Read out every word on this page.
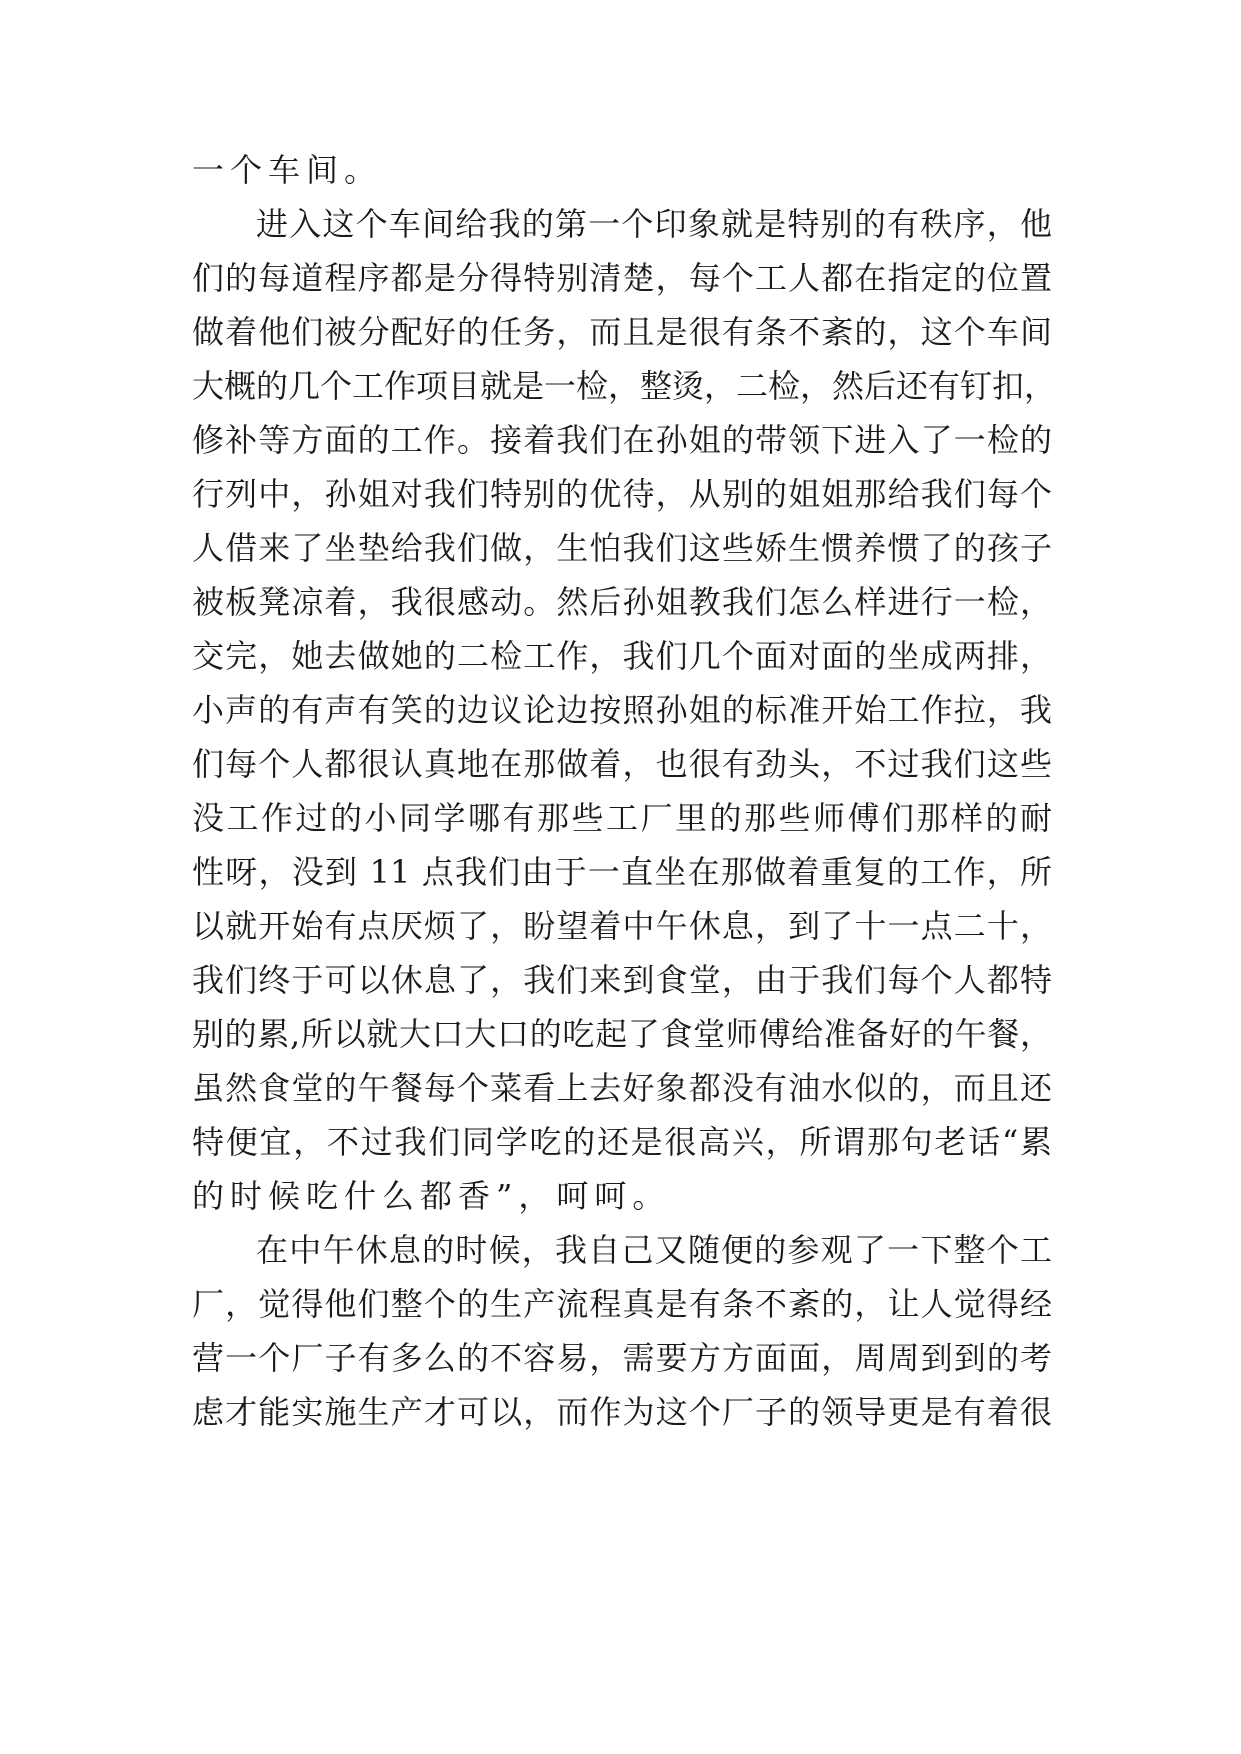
一个车间。
进入这个车间给我的第一个印象就是特别的有秩序，他
们的每道程序都是分得特别清楚，每个工人都在指定的位置
做着他们被分配好的任务，而且是很有条不紊的，这个车间
大概的几个工作项目就是一检，整烫，二检，然后还有钉扣，
修补等方面的工作。接着我们在孙姐的带领下进入了一检的
行列中，孙姐对我们特别的优待，从别的姐姐那给我们每个
人借来了坐垫给我们做，生怕我们这些娇生惯养惯了的孩子
被板凳凉着，我很感动。然后孙姐教我们怎么样进行一检，
交完，她去做她的二检工作，我们几个面对面的坐成两排，
小声的有声有笑的边议论边按照孙姐的标准开始工作拉，我
们每个人都很认真地在那做着，也很有劲头，不过我们这些
没工作过的小同学哪有那些工厂里的那些师傅们那样的耐
性呀，没到 11 点我们由于一直坐在那做着重复的工作，所
以就开始有点厌烦了，盼望着中午休息，到了十一点二十，
我们终于可以休息了，我们来到食堂，由于我们每个人都特
别的累,所以就大口大口的吃起了食堂师傅给准备好的午餐，
虽然食堂的午餐每个菜看上去好象都没有油水似的，而且还
特便宜，不过我们同学吃的还是很高兴，所谓那句老话“累
的时候吃什么都香”，呵呵。
在中午休息的时候，我自己又随便的参观了一下整个工
厂，觉得他们整个的生产流程真是有条不紊的，让人觉得经
营一个厂子有多么的不容易，需要方方面面，周周到到的考
虑才能实施生产才可以，而作为这个厂子的领导更是有着很
